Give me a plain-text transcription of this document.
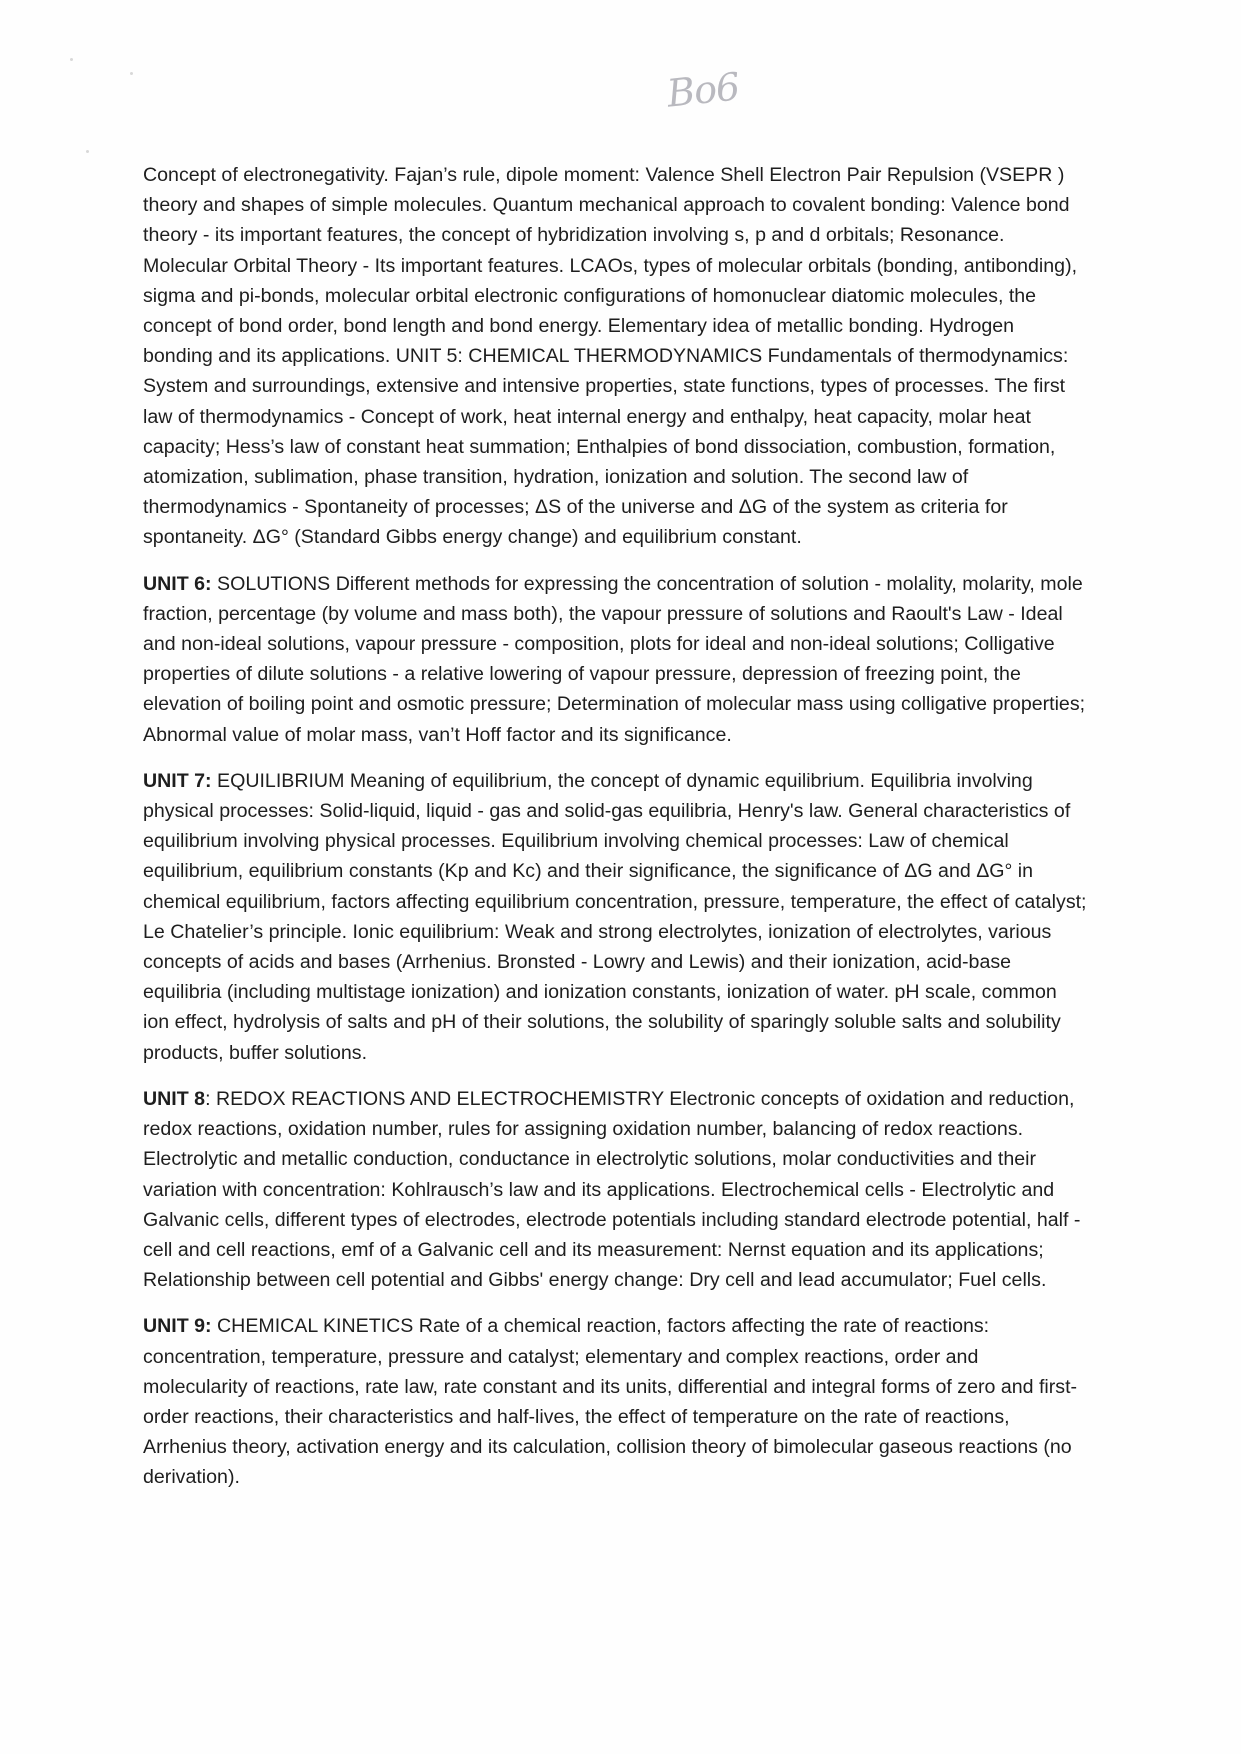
Bo6

Concept of electronegativity. Fajan’s rule, dipole moment: Valence Shell Electron Pair Repulsion (VSEPR ) theory and shapes of simple molecules. Quantum mechanical approach to covalent bonding: Valence bond theory - its important features, the concept of hybridization involving s, p and d orbitals; Resonance. Molecular Orbital Theory - Its important features. LCAOs, types of molecular orbitals (bonding, antibonding), sigma and pi-bonds, molecular orbital electronic configurations of homonuclear diatomic molecules, the concept of bond order, bond length and bond energy. Elementary idea of metallic bonding. Hydrogen bonding and its applications. UNIT 5: CHEMICAL THERMODYNAMICS Fundamentals of thermodynamics: System and surroundings, extensive and intensive properties, state functions, types of processes. The first law of thermodynamics - Concept of work, heat internal energy and enthalpy, heat capacity, molar heat capacity; Hess’s law of constant heat summation; Enthalpies of bond dissociation, combustion, formation, atomization, sublimation, phase transition, hydration, ionization and solution. The second law of thermodynamics - Spontaneity of processes; ΔS of the universe and ΔG of the system as criteria for spontaneity. ΔG° (Standard Gibbs energy change) and equilibrium constant.

UNIT 6: SOLUTIONS Different methods for expressing the concentration of solution - molality, molarity, mole fraction, percentage (by volume and mass both), the vapour pressure of solutions and Raoult's Law - Ideal and non-ideal solutions, vapour pressure - composition, plots for ideal and non-ideal solutions; Colligative properties of dilute solutions - a relative lowering of vapour pressure, depression of freezing point, the elevation of boiling point and osmotic pressure; Determination of molecular mass using colligative properties; Abnormal value of molar mass, van’t Hoff factor and its significance.

UNIT 7: EQUILIBRIUM Meaning of equilibrium, the concept of dynamic equilibrium. Equilibria involving physical processes: Solid-liquid, liquid - gas and solid-gas equilibria, Henry's law. General characteristics of equilibrium involving physical processes. Equilibrium involving chemical processes: Law of chemical equilibrium, equilibrium constants (Kp and Kc) and their significance, the significance of ΔG and ΔG° in chemical equilibrium, factors affecting equilibrium concentration, pressure, temperature, the effect of catalyst; Le Chatelier’s principle. Ionic equilibrium: Weak and strong electrolytes, ionization of electrolytes, various concepts of acids and bases (Arrhenius. Bronsted - Lowry and Lewis) and their ionization, acid-base equilibria (including multistage ionization) and ionization constants, ionization of water. pH scale, common ion effect, hydrolysis of salts and pH of their solutions, the solubility of sparingly soluble salts and solubility products, buffer solutions.

UNIT 8: REDOX REACTIONS AND ELECTROCHEMISTRY Electronic concepts of oxidation and reduction, redox reactions, oxidation number, rules for assigning oxidation number, balancing of redox reactions. Electrolytic and metallic conduction, conductance in electrolytic solutions, molar conductivities and their variation with concentration: Kohlrausch’s law and its applications. Electrochemical cells - Electrolytic and Galvanic cells, different types of electrodes, electrode potentials including standard electrode potential, half - cell and cell reactions, emf of a Galvanic cell and its measurement: Nernst equation and its applications; Relationship between cell potential and Gibbs' energy change: Dry cell and lead accumulator; Fuel cells.

UNIT 9: CHEMICAL KINETICS Rate of a chemical reaction, factors affecting the rate of reactions: concentration, temperature, pressure and catalyst; elementary and complex reactions, order and molecularity of reactions, rate law, rate constant and its units, differential and integral forms of zero and first-order reactions, their characteristics and half-lives, the effect of temperature on the rate of reactions, Arrhenius theory, activation energy and its calculation, collision theory of bimolecular gaseous reactions (no derivation).
